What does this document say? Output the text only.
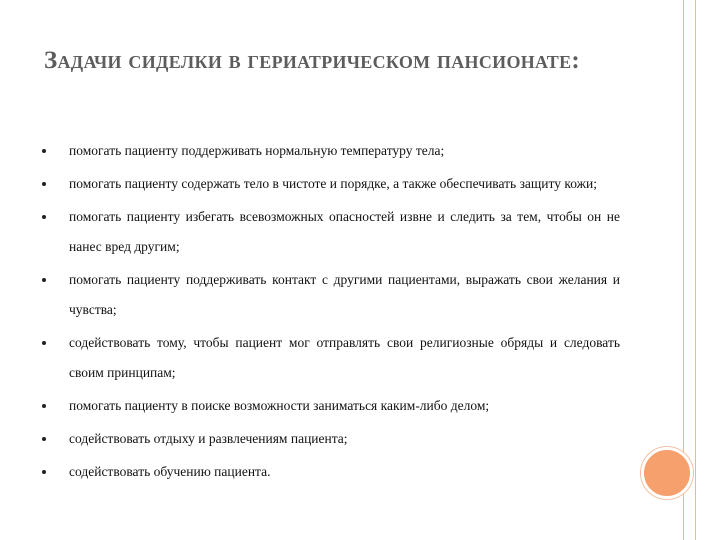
Задачи сиделки в гериатрическом пансионате:
помогать пациенту поддерживать нормальную температуру тела;
помогать пациенту содержать тело в чистоте и порядке, а также обеспечивать защиту кожи;
помогать пациенту избегать всевозможных опасностей извне и следить за тем, чтобы он не нанес вред другим;
помогать пациенту поддерживать контакт с другими пациентами, выражать свои желания и чувства;
содействовать тому, чтобы пациент мог отправлять свои религиозные обряды и следовать своим принципам;
помогать пациенту в поиске возможности заниматься каким-либо делом;
содействовать отдыху и развлечениям пациента;
содействовать обучению пациента.
